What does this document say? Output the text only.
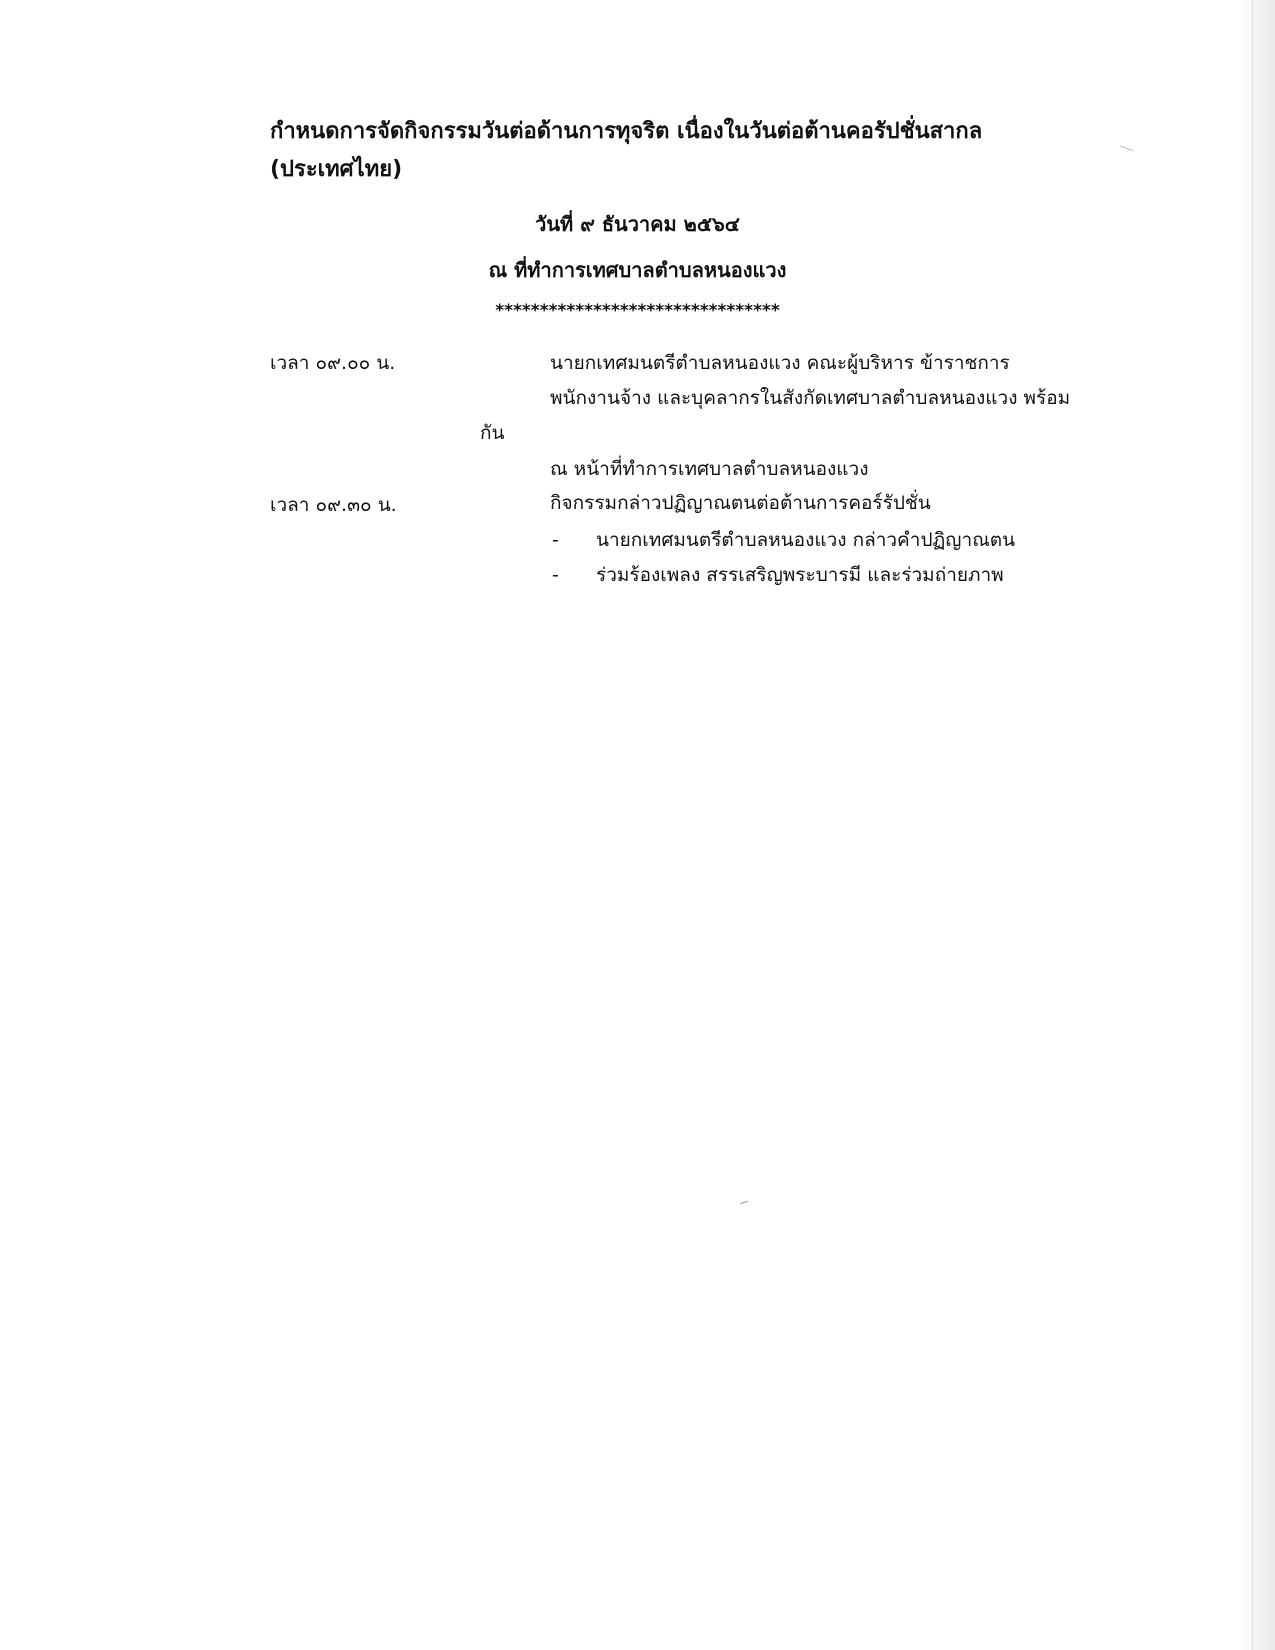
กำหนดการจัดกิจกรรมวันต่อด้านการทุจริต เนื่องในวันต่อต้านคอรัปชั่นสากล
(ประเทศไทย)
วันที่ ๙ ธันวาคม ๒๕๖๔
ณ ที่ทำการเทศบาลตำบลหนองแวง
********************************
เวลา ๐๙.๐๐ น.	นายกเทศมนตรีตำบลหนองแวง คณะผู้บริหาร ข้าราชการ
พนักงานจ้าง และบุคลากรในสังกัดเทศบาลตำบลหนองแวง พร้อม
กัน
ณ หน้าที่ทำการเทศบาลตำบลหนองแวง
เวลา ๐๙.๓๐ น.	กิจกรรมกล่าวปฏิญาณตนต่อต้านการคอร์รัปชั่น
- นายกเทศมนตรีตำบลหนองแวง กล่าวคำปฏิญาณตน
- ร่วมร้องเพลง สรรเสริญพระบารมี และร่วมถ่ายภาพ
